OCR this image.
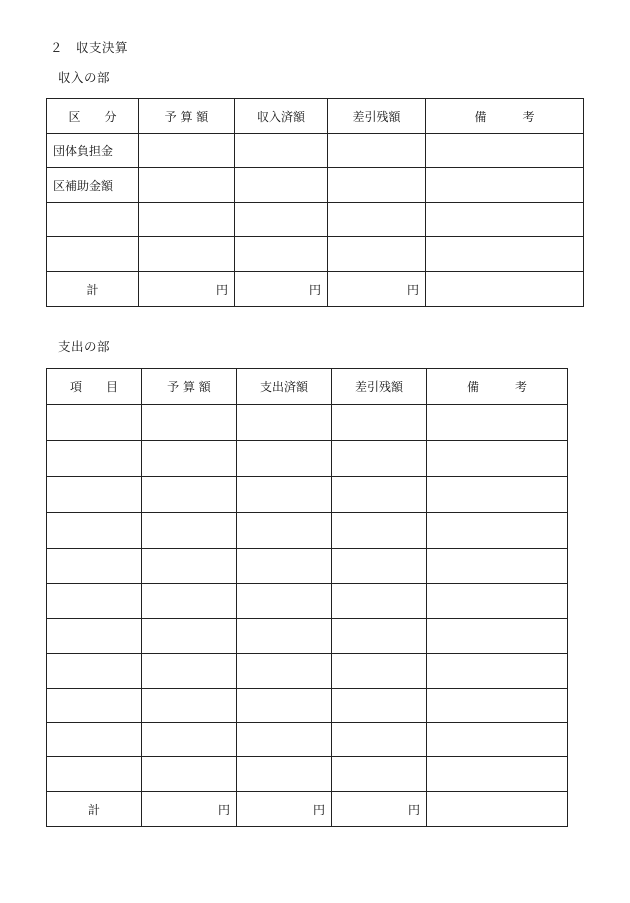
２　収支決算
収入の部
区　　分	予 算 額	収入済額	差引残額	備　　　考
団体負担金				
区補助金額				

計	円	円	円	
支出の部
項　　目	予 算 額	支出済額	差引残額	備　　　考

計	円	円	円	
